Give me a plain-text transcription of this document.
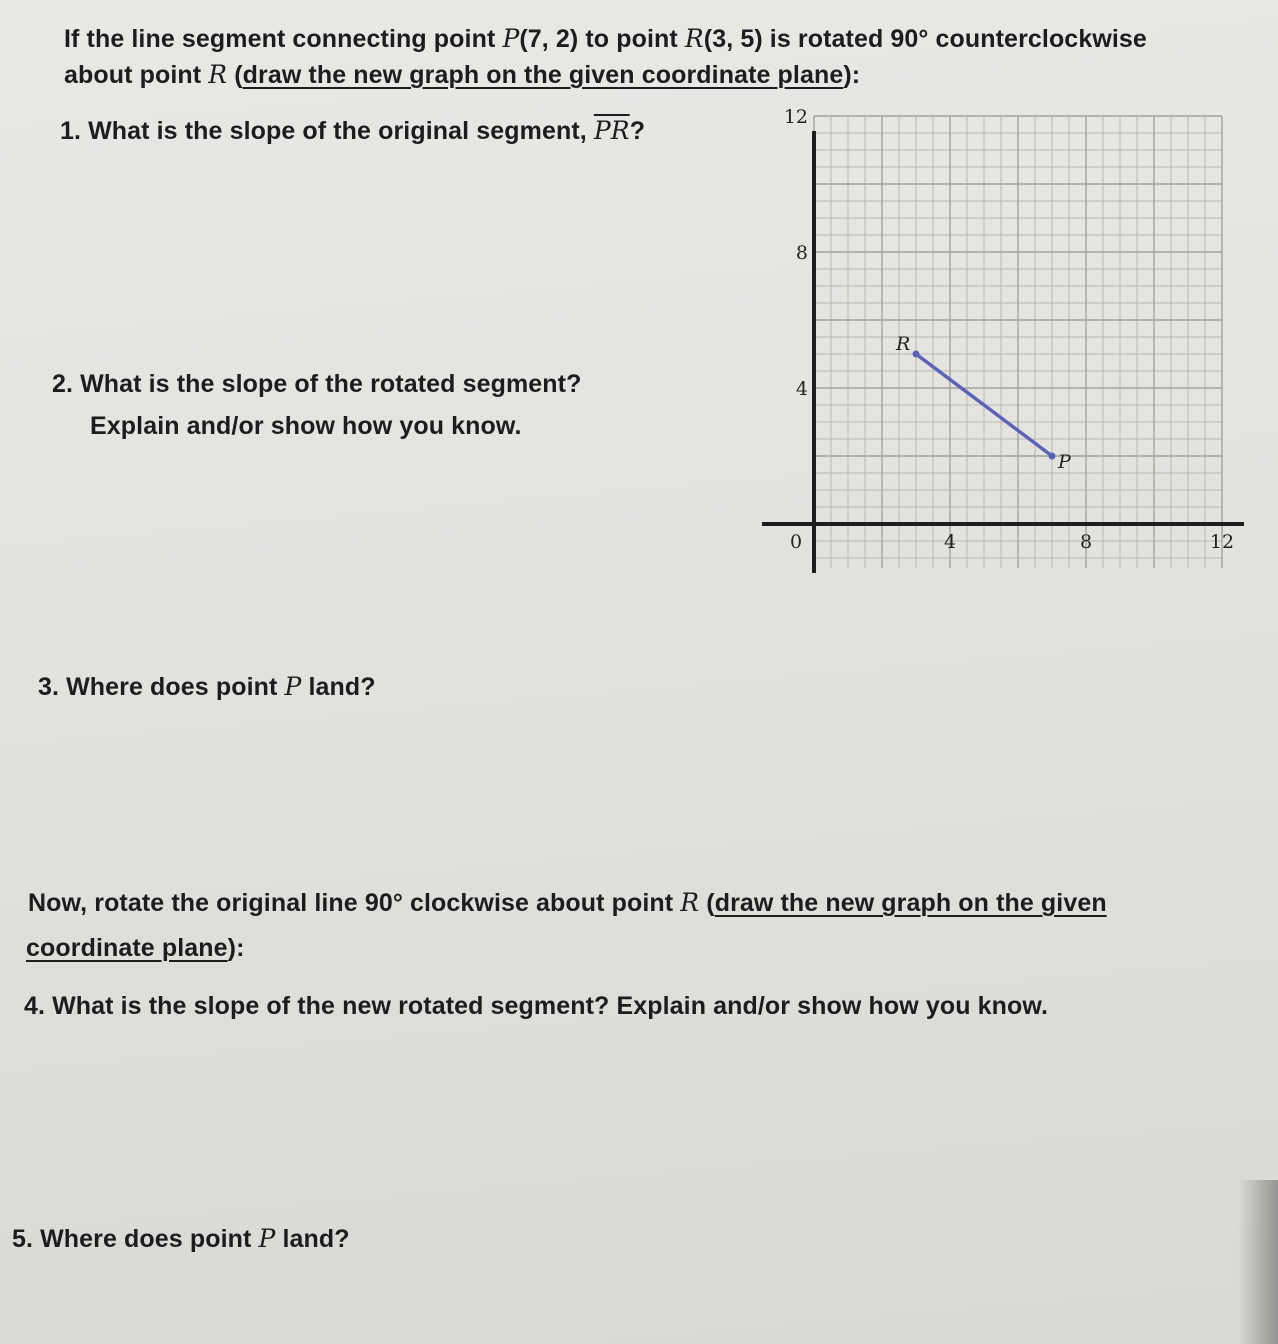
If the line segment connecting point P(7, 2) to point R(3, 5) is rotated 90° counterclockwise
about point R (draw the new graph on the given coordinate plane):
1. What is the slope of the original segment, $\overline{PR}$?
2. What is the slope of the rotated segment?
Explain and/or show how you know.
3. Where does point P land?
Now, rotate the original line 90° clockwise about point R (draw the new graph on the given
coordinate plane):
4. What is the slope of the new rotated segment? Explain and/or show how you know.
5. Where does point P land?
0	4	8	12
4
8
12
R
P
